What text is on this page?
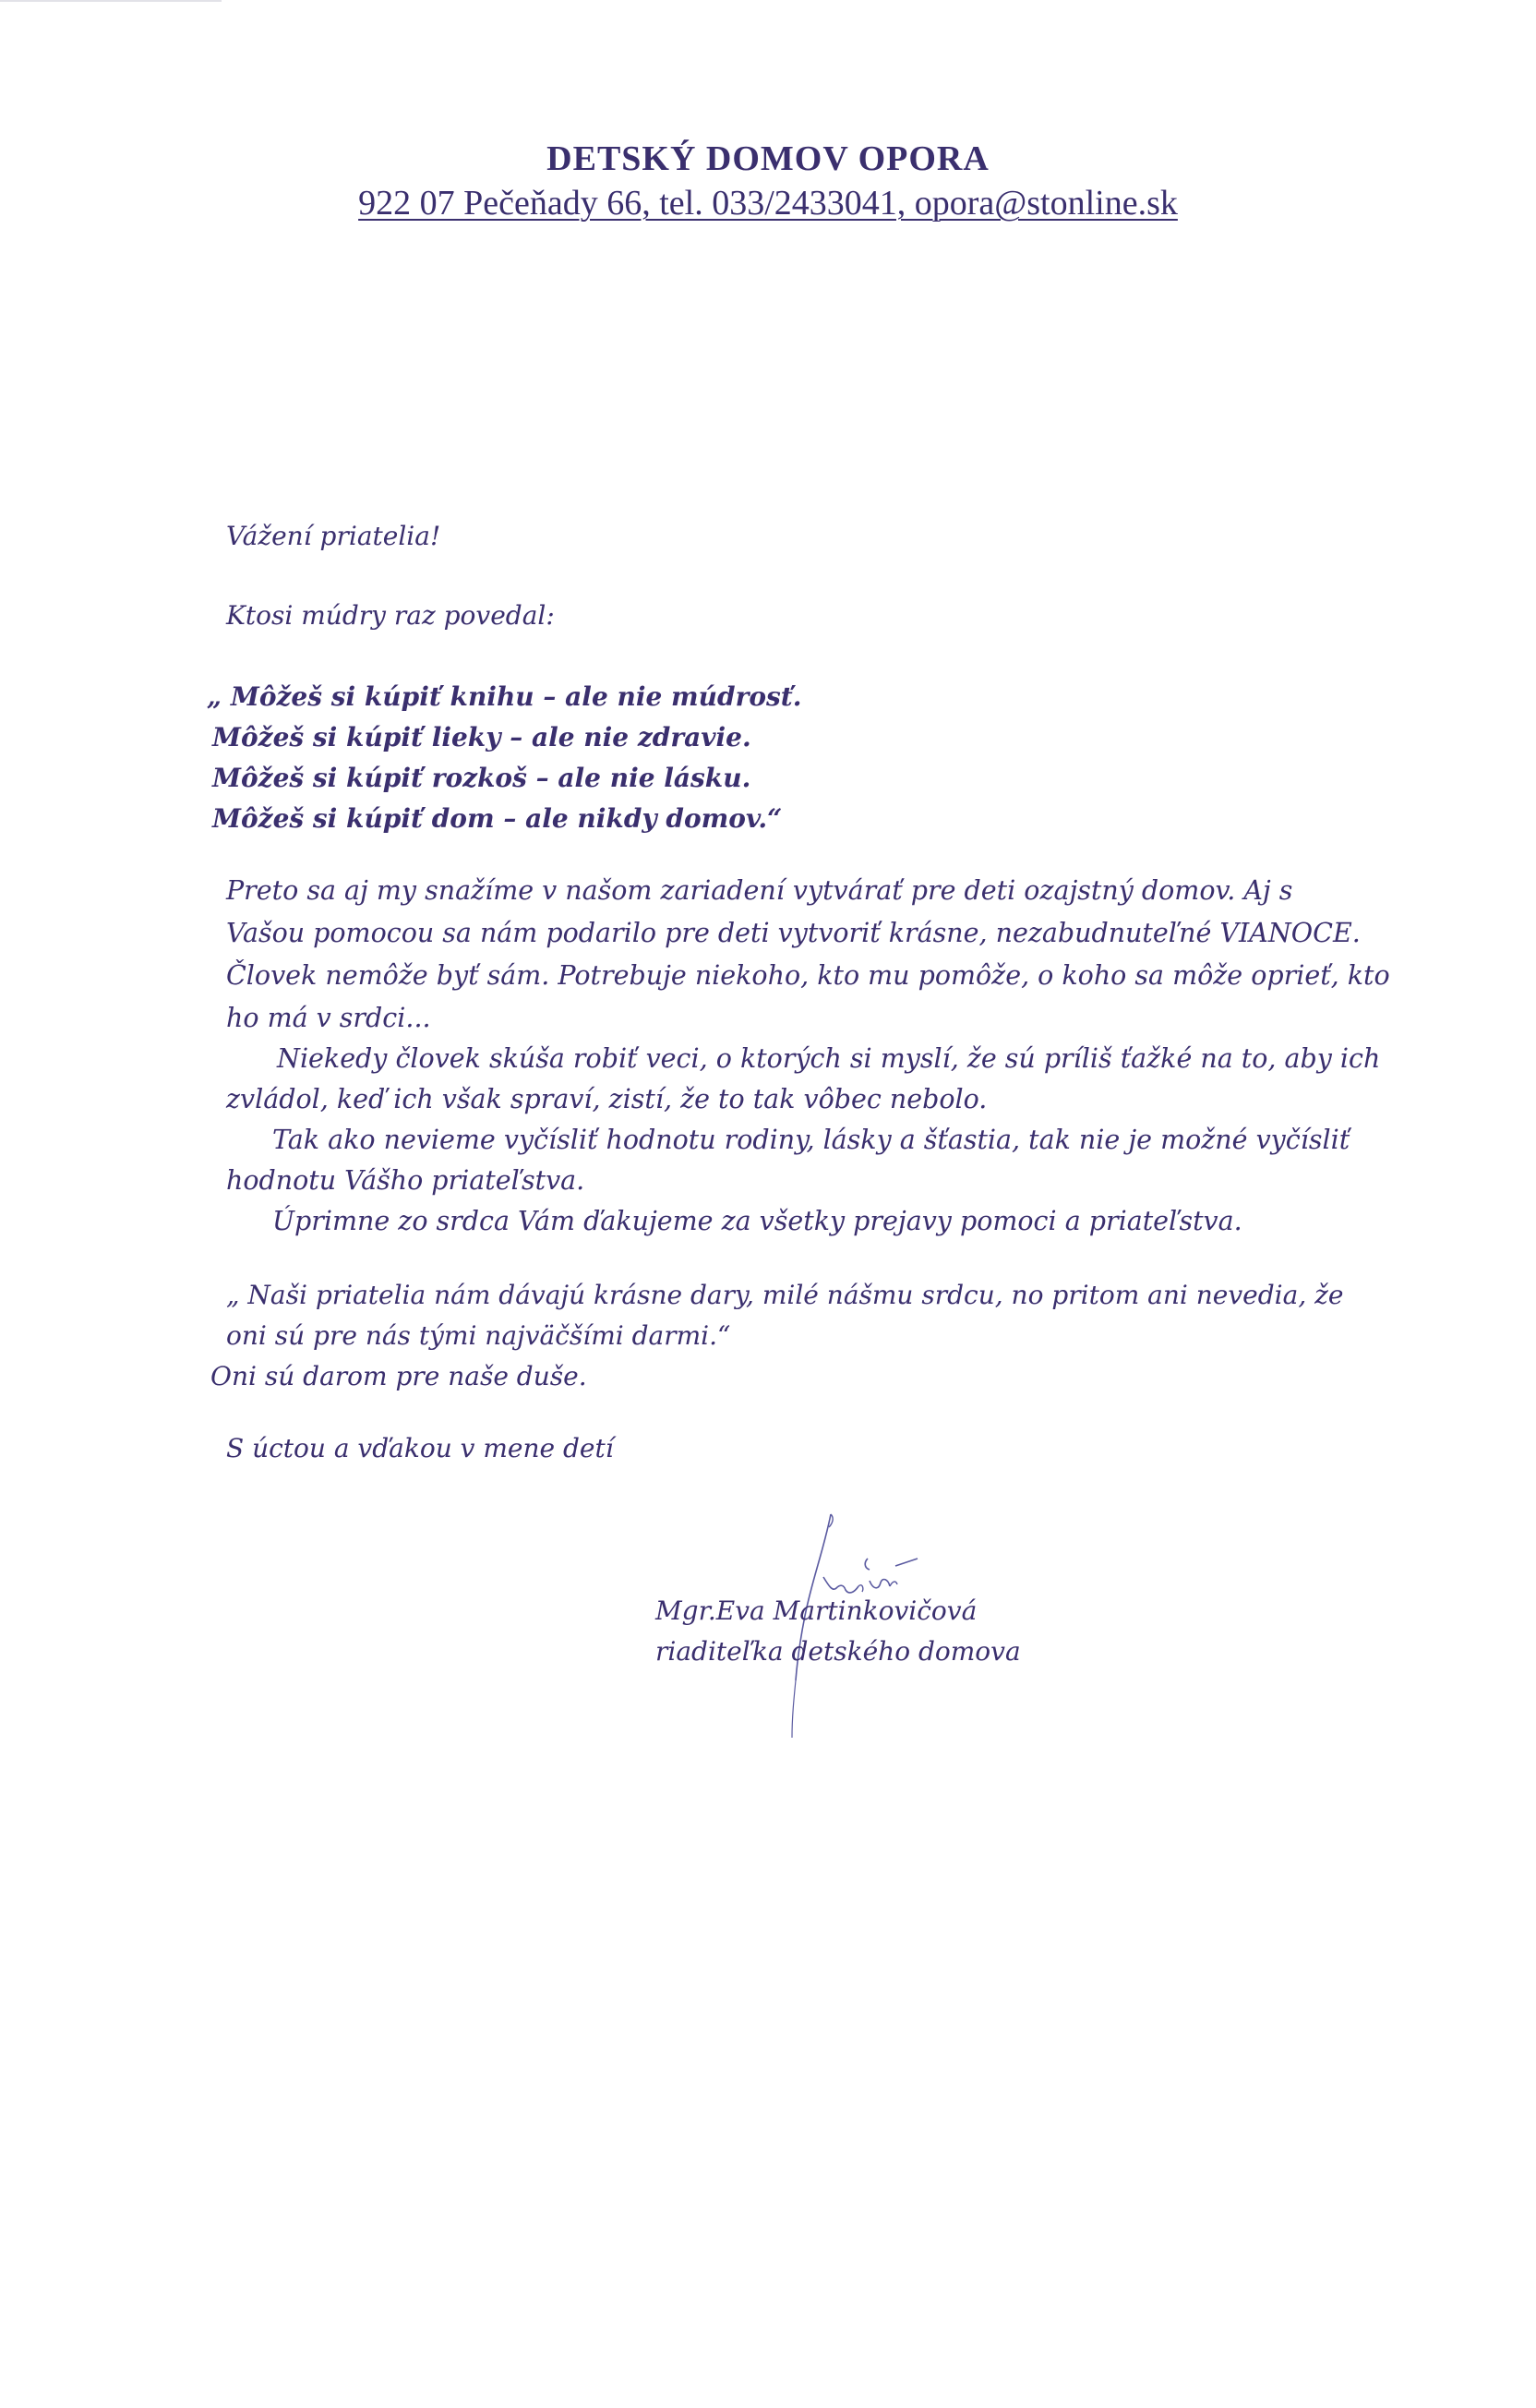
DETSKÝ DOMOV OPORA
922 07 Pečeňady 66, tel. 033/2433041, opora@stonline.sk
Vážení priatelia!
Ktosi múdry raz povedal:
„ Môžeš si kúpiť knihu – ale nie múdrosť.
Môžeš si kúpiť lieky – ale nie zdravie.
Môžeš si kúpiť rozkoš – ale nie lásku.
Môžeš si kúpiť dom – ale nikdy domov.“
Preto sa aj my snažíme v našom zariadení vytvárať pre deti ozajstný domov. Aj s
Vašou pomocou sa nám podarilo pre deti vytvoriť krásne, nezabudnuteľné VIANOCE.
Človek nemôže byť sám. Potrebuje niekoho, kto mu pomôže, o koho sa môže oprieť, kto
ho má v srdci...
Niekedy človek skúša robiť veci, o ktorých si myslí, že sú príliš ťažké na to, aby ich
zvládol, keď ich však spraví, zistí, že to tak vôbec nebolo.
Tak ako nevieme vyčísliť hodnotu rodiny, lásky a šťastia, tak nie je možné vyčísliť
hodnotu Vášho priateľstva.
Úprimne zo srdca Vám ďakujeme za všetky prejavy pomoci a priateľstva.
„ Naši priatelia nám dávajú krásne dary, milé nášmu srdcu, no pritom ani nevedia, že
oni sú pre nás tými najväčšími darmi.“
Oni sú darom pre naše duše.
S úctou a vďakou v mene detí
Mgr.Eva Martinkovičová
riaditeľka detského domova
